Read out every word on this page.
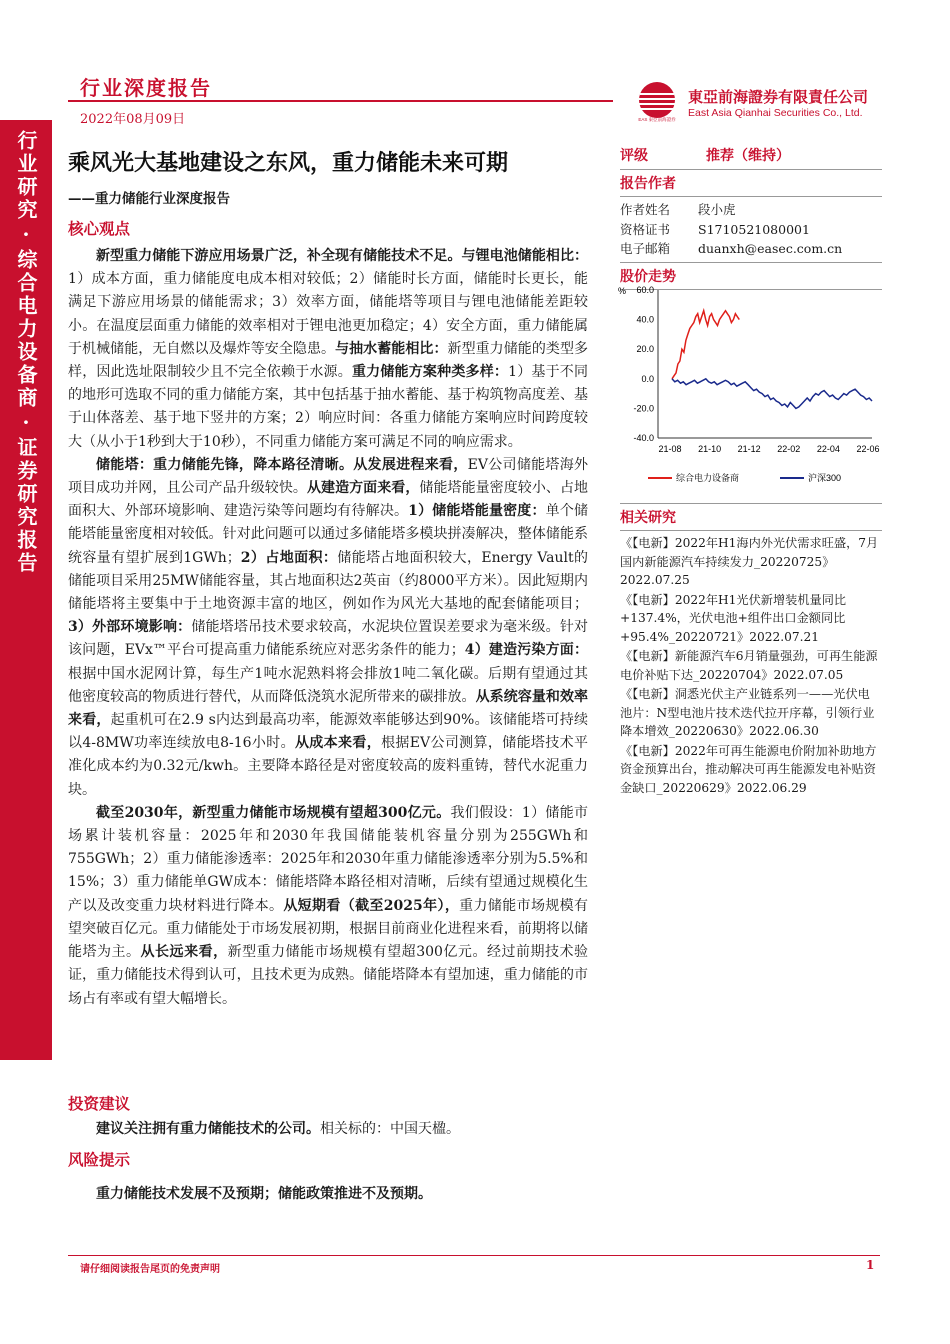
行业研究·综合电力设备商·证券研究报告
行业深度报告
2022年08月09日	EAS 東亞前海證券
東亞前海證券有限責任公司
East Asia Qianhai Securities Co., Ltd.
乘风光大基地建设之东风，重力储能未来可期
——重力储能行业深度报告
核心观点

新型重力储能下游应用场景广泛，补全现有储能技术不足。与锂电池储能相比：1）成本方面，重力储能度电成本相对较低；2）储能时长方面，储能时长更长，能满足下游应用场景的储能需求；3）效率方面，储能塔等项目与锂电池储能差距较小。在温度层面重力储能的效率相对于锂电池更加稳定；4）安全方面，重力储能属于机械储能，无自燃以及爆炸等安全隐患。与抽水蓄能相比：新型重力储能的类型多样，因此选址限制较少且不完全依赖于水源。重力储能方案种类多样：1）基于不同的地形可选取不同的重力储能方案，其中包括基于抽水蓄能、基于构筑物高度差、基于山体落差、基于地下竖井的方案；2）响应时间：各重力储能方案响应时间跨度较大（从小于1秒到大于10秒），不同重力储能方案可满足不同的响应需求。

储能塔：重力储能先锋，降本路径清晰。从发展进程来看，EV公司储能塔海外项目成功并网，且公司产品升级较快。从建造方面来看，储能塔能量密度较小、占地面积大、外部环境影响、建造污染等问题均有待解决。1）储能塔能量密度：单个储能塔能量密度相对较低。针对此问题可以通过多储能塔多模块拼凑解决，整体储能系统容量有望扩展到1GWh；2）占地面积：储能塔占地面积较大，Energy Vault的储能项目采用25MW储能容量，其占地面积达2英亩（约8000平方米）。因此短期内储能塔将主要集中于土地资源丰富的地区，例如作为风光大基地的配套储能项目；3）外部环境影响：储能塔塔吊技术要求较高，水泥块位置误差要求为毫米级。针对该问题，EVx™平台可提高重力储能系统应对恶劣条件的能力；4）建造污染方面：根据中国水泥网计算，每生产1吨水泥熟料将会排放1吨二氧化碳。后期有望通过其他密度较高的物质进行替代，从而降低浇筑水泥所带来的碳排放。从系统容量和效率来看，起重机可在2.9 s内达到最高功率，能源效率能够达到90%。该储能塔可持续以4-8MW功率连续放电8-16小时。从成本来看，根据EV公司测算，储能塔技术平准化成本约为0.32元/kwh。主要降本路径是对密度较高的废料重铸，替代水泥重力块。

截至2030年，新型重力储能市场规模有望超300亿元。我们假设：1）储能市场累计装机容量：2025年和2030年我国储能装机容量分别为255GWh和755GWh；2）重力储能渗透率：2025年和2030年重力储能渗透率分别为5.5%和15%；3）重力储能单GW成本：储能塔降本路径相对清晰，后续有望通过规模化生产以及改变重力块材料进行降本。从短期看（截至2025年），重力储能市场规模有望突破百亿元。重力储能处于市场发展初期，根据目前商业化进程来看，前期将以储能塔为主。从长远来看，新型重力储能市场规模有望超300亿元。经过前期技术验证，重力储能技术得到认可，且技术更为成熟。储能塔降本有望加速，重力储能的市场占有率或有望大幅增长。

投资建议

建议关注拥有重力储能技术的公司。相关标的：中国天楹。

风险提示

重力储能技术发展不及预期；储能政策推进不及预期。

评级	推荐（维持）
报告作者
作者姓名	段小虎
资格证书	S1710521080001
电子邮箱	duanxh@easec.com.cn
股价走势
% 60.0
40.0
20.0
0.0
-20.0
-40.0
21-08 21-10 21-12 22-02 22-04 22-06
综合电力设备商	沪深300
相关研究
《【电新】2022年H1海内外光伏需求旺盛，7月国内新能源汽车持续发力_20220725》2022.07.25
《【电新】2022年H1光伏新增装机量同比+137.4%，光伏电池+组件出口金额同比+95.4%_20220721》2022.07.21
《【电新】新能源汽车6月销量强劲，可再生能源电价补贴下达_20220704》2022.07.05
《【电新】洞悉光伏主产业链系列一——光伏电池片：N型电池片技术迭代拉开序幕，引领行业降本增效_20220630》2022.06.30
《【电新】2022年可再生能源电价附加补助地方资金预算出台，推动解决可再生能源发电补贴资金缺口_20220629》2022.06.29
请仔细阅读报告尾页的免责声明	1
